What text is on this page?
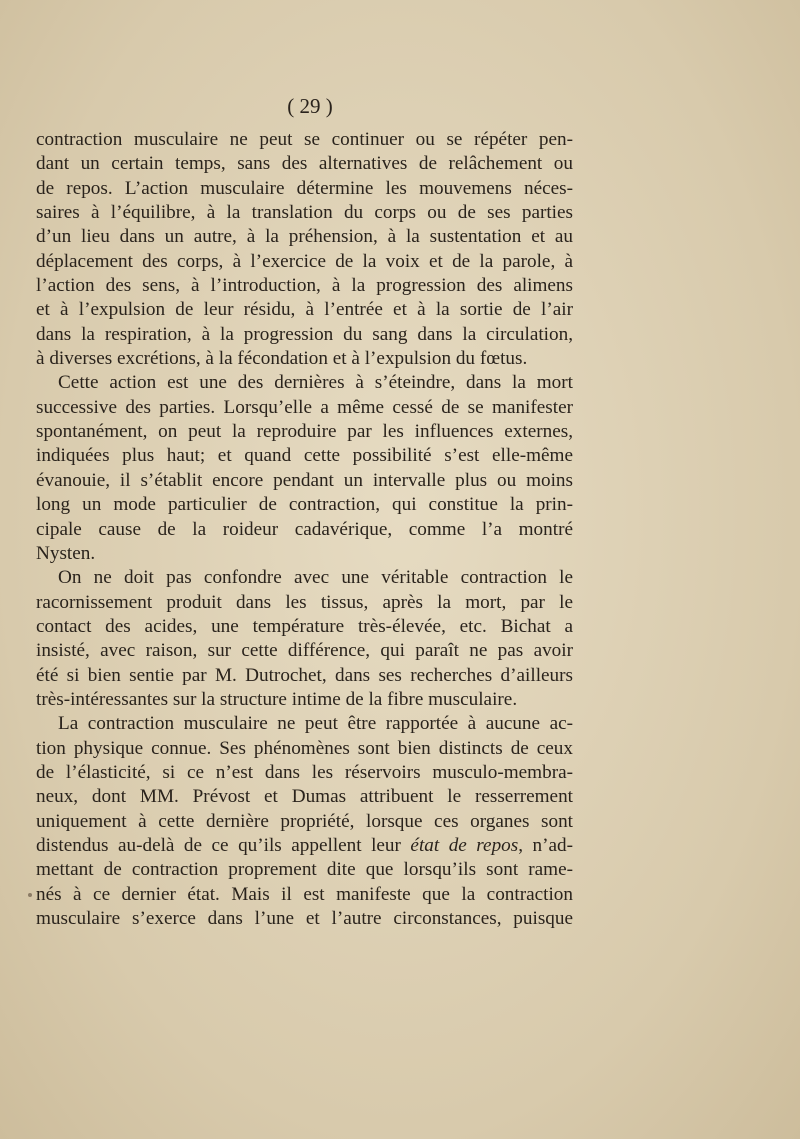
( 29 )
contraction musculaire ne peut se continuer ou se répéter pen-
dant un certain temps, sans des alternatives de relâchement ou
de repos. L’action musculaire détermine les mouvemens néces-
saires à l’équilibre, à la translation du corps ou de ses parties
d’un lieu dans un autre, à la préhension, à la sustentation et au
déplacement des corps, à l’exercice de la voix et de la parole, à
l’action des sens, à l’introduction, à la progression des alimens
et à l’expulsion de leur résidu, à l’entrée et à la sortie de l’air
dans la respiration, à la progression du sang dans la circulation,
à diverses excrétions, à la fécondation et à l’expulsion du fœtus.
Cette action est une des dernières à s’éteindre, dans la mort
successive des parties. Lorsqu’elle a même cessé de se manifester
spontanément, on peut la reproduire par les influences externes,
indiquées plus haut; et quand cette possibilité s’est elle-même
évanouie, il s’établit encore pendant un intervalle plus ou moins
long un mode particulier de contraction, qui constitue la prin-
cipale cause de la roideur cadavérique, comme l’a montré
Nysten.
On ne doit pas confondre avec une véritable contraction le
racornissement produit dans les tissus, après la mort, par le
contact des acides, une température très-élevée, etc. Bichat a
insisté, avec raison, sur cette différence, qui paraît ne pas avoir
été si bien sentie par M. Dutrochet, dans ses recherches d’ailleurs
très-intéressantes sur la structure intime de la fibre musculaire.
La contraction musculaire ne peut être rapportée à aucune ac-
tion physique connue. Ses phénomènes sont bien distincts de ceux
de l’élasticité, si ce n’est dans les réservoirs musculo-membra-
neux, dont MM. Prévost et Dumas attribuent le resserrement
uniquement à cette dernière propriété, lorsque ces organes sont
distendus au-delà de ce qu’ils appellent leur état de repos, n’ad-
mettant de contraction proprement dite que lorsqu’ils sont rame-
nés à ce dernier état. Mais il est manifeste que la contraction
musculaire s’exerce dans l’une et l’autre circonstances, puisque
